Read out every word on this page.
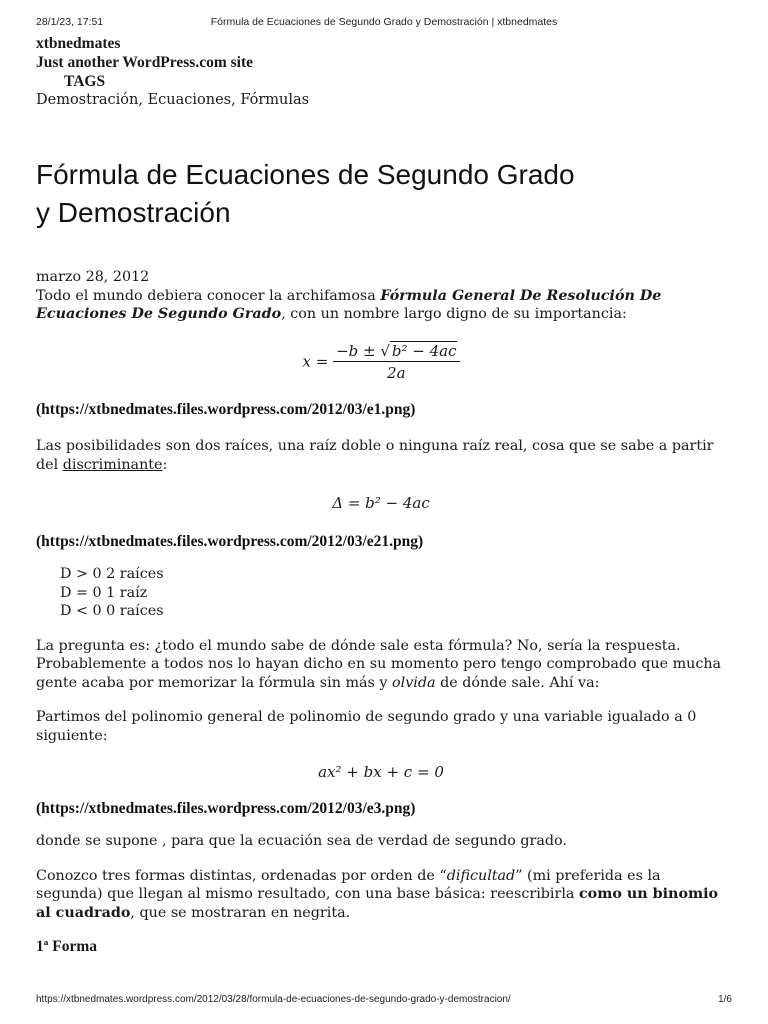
28/1/23, 17:51	Fórmula de Ecuaciones de Segundo Grado y Demostración | xtbnedmates
xtbnedmates
Just another WordPress.com site
TAGS
Demostración, Ecuaciones, Fórmulas
Fórmula de Ecuaciones de Segundo Grado
y Demostración
marzo 28, 2012

Todo el mundo debiera conocer la archifamosa Fórmula General De Resolución De Ecuaciones De Segundo Grado, con un nombre largo digno de su importancia:

$x = \frac{\text{−b ± √ b² − 4ac}}{2a}$
(https://xtbnedmates.files.wordpress.com/2012/03/e1.png)

Las posibilidades son dos raíces, una raíz doble o ninguna raíz real, cosa que se sabe a partir del discriminante:

Δ = b² − 4ac
(https://xtbnedmates.files.wordpress.com/2012/03/e21.png)
D > 0 2 raíces
D = 0 1 raíz
D < 0 0 raíces

La pregunta es: ¿todo el mundo sabe de dónde sale esta fórmula? No, sería la respuesta. Probablemente a todos nos lo hayan dicho en su momento pero tengo comprobado que mucha gente acaba por memorizar la fórmula sin más y olvida de dónde sale. Ahí va:

Partimos del polinomio general de polinomio de segundo grado y una variable igualado a 0 siguiente:

ax² + bx + c = 0
(https://xtbnedmates.files.wordpress.com/2012/03/e3.png)

donde se supone , para que la ecuación sea de verdad de segundo grado.

Conozco tres formas distintas, ordenadas por orden de “dificultad” (mi preferida es la segunda) que llegan al mismo resultado, con una base básica: reescribirla como un binomio al cuadrado, que se mostraran en negrita.

1ª Forma

https://xtbnedmates.wordpress.com/2012/03/28/formula-de-ecuaciones-de-segundo-grado-y-demostracion/	1/6
